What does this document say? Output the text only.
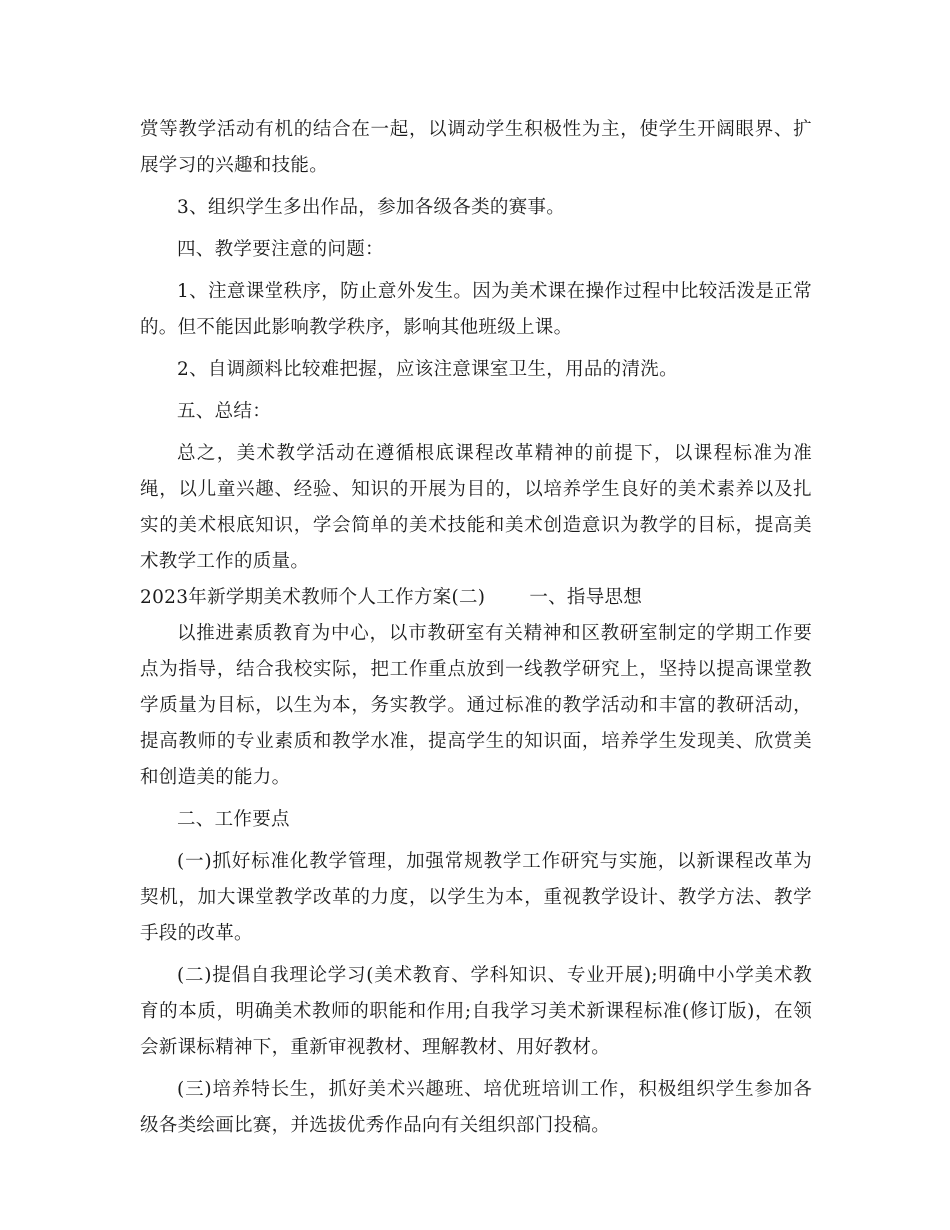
赏等教学活动有机的结合在一起，以调动学生积极性为主，使学生开阔眼界、扩展学习的兴趣和技能。

3、组织学生多出作品，参加各级各类的赛事。

四、教学要注意的问题：

1、注意课堂秩序，防止意外发生。因为美术课在操作过程中比较活泼是正常的。但不能因此影响教学秩序，影响其他班级上课。

2、自调颜料比较难把握，应该注意课室卫生，用品的清洗。

五、总结：

总之，美术教学活动在遵循根底课程改革精神的前提下，以课程标准为准绳，以儿童兴趣、经验、知识的开展为目的，以培养学生良好的美术素养以及扎实的美术根底知识，学会简单的美术技能和美术创造意识为教学的目标，提高美术教学工作的质量。

2023年新学期美术教师个人工作方案(二) 一、指导思想

以推进素质教育为中心，以市教研室有关精神和区教研室制定的学期工作要点为指导，结合我校实际，把工作重点放到一线教学研究上，坚持以提高课堂教学质量为目标，以生为本，务实教学。通过标准的教学活动和丰富的教研活动，提高教师的专业素质和教学水准，提高学生的知识面，培养学生发现美、欣赏美和创造美的能力。

二、工作要点

(一)抓好标准化教学管理，加强常规教学工作研究与实施，以新课程改革为契机，加大课堂教学改革的力度，以学生为本，重视教学设计、教学方法、教学手段的改革。

(二)提倡自我理论学习(美术教育、学科知识、专业开展);明确中小学美术教育的本质，明确美术教师的职能和作用;自我学习美术新课程标准(修订版)，在领会新课标精神下，重新审视教材、理解教材、用好教材。

(三)培养特长生，抓好美术兴趣班、培优班培训工作，积极组织学生参加各级各类绘画比赛，并选拔优秀作品向有关组织部门投稿。
